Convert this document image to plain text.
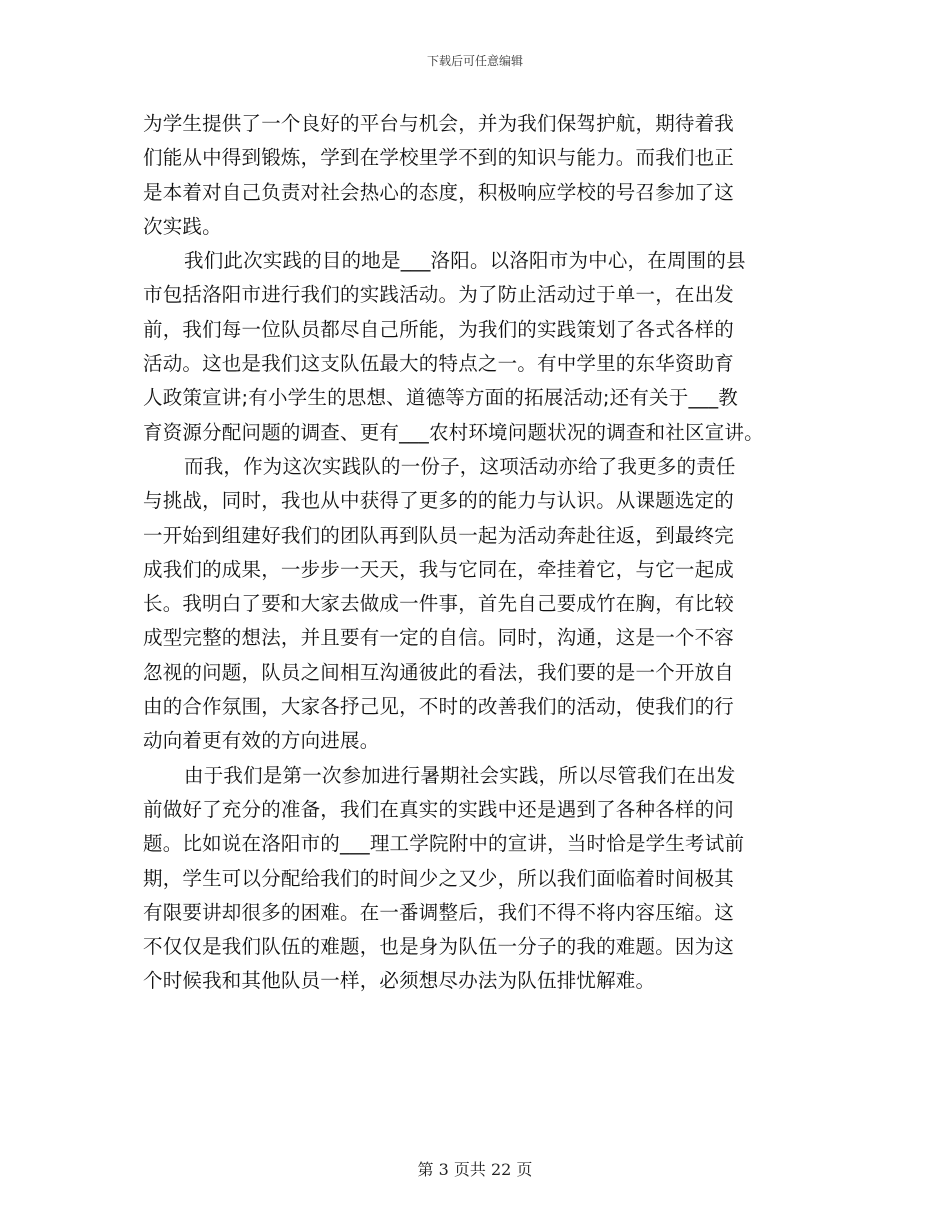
下载后可任意编辑

为学生提供了一个良好的平台与机会，并为我们保驾护航，期待着我
们能从中得到锻炼，学到在学校里学不到的知识与能力。而我们也正
是本着对自己负责对社会热心的态度，积极响应学校的号召参加了这
次实践。

我们此次实践的目的地是___洛阳。以洛阳市为中心，在周围的县
市包括洛阳市进行我们的实践活动。为了防止活动过于单一，在出发
前，我们每一位队员都尽自己所能，为我们的实践策划了各式各样的
活动。这也是我们这支队伍最大的特点之一。有中学里的东华资助育
人政策宣讲;有小学生的思想、道德等方面的拓展活动;还有关于___教
育资源分配问题的调查、更有___农村环境问题状况的调查和社区宣讲。

而我，作为这次实践队的一份子，这项活动亦给了我更多的责任
与挑战，同时，我也从中获得了更多的的能力与认识。从课题选定的
一开始到组建好我们的团队再到队员一起为活动奔赴往返，到最终完
成我们的成果，一步步一天天，我与它同在，牵挂着它，与它一起成
长。我明白了要和大家去做成一件事，首先自己要成竹在胸，有比较
成型完整的想法，并且要有一定的自信。同时，沟通，这是一个不容
忽视的问题，队员之间相互沟通彼此的看法，我们要的是一个开放自
由的合作氛围，大家各抒己见，不时的改善我们的活动，使我们的行
动向着更有效的方向进展。

由于我们是第一次参加进行暑期社会实践，所以尽管我们在出发
前做好了充分的准备，我们在真实的实践中还是遇到了各种各样的问
题。比如说在洛阳市的___理工学院附中的宣讲，当时恰是学生考试前
期，学生可以分配给我们的时间少之又少，所以我们面临着时间极其
有限要讲却很多的困难。在一番调整后，我们不得不将内容压缩。这
不仅仅是我们队伍的难题，也是身为队伍一分子的我的难题。因为这
个时候我和其他队员一样，必须想尽办法为队伍排忧解难。

第 3 页共 22 页
